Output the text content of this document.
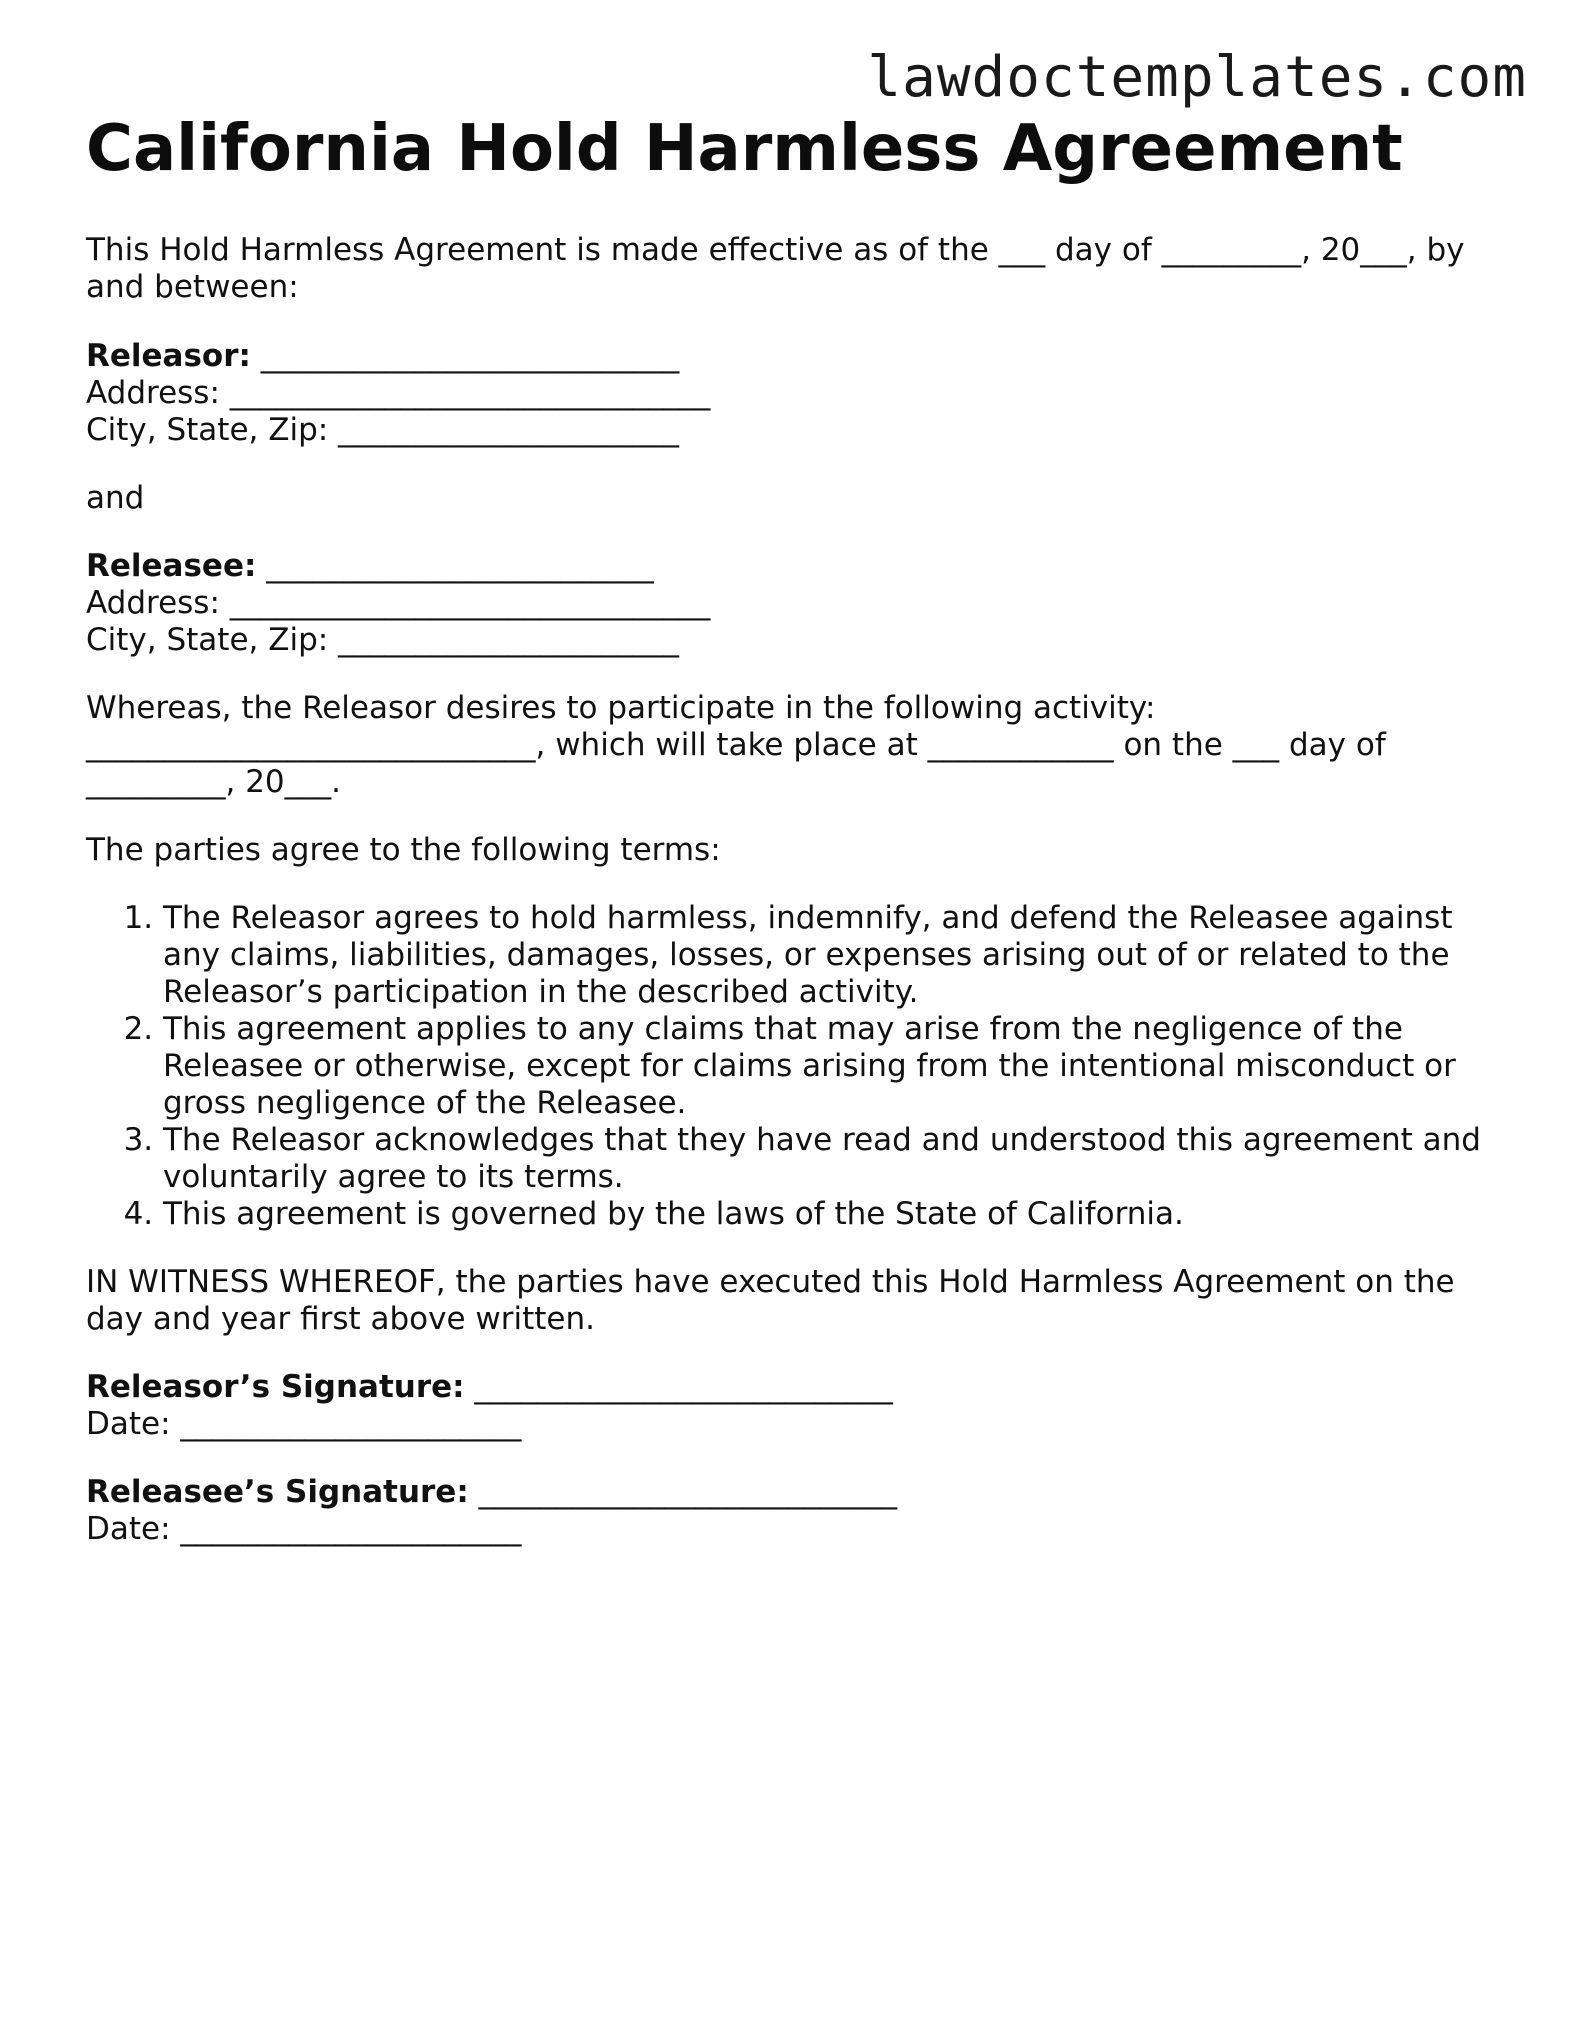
lawdoctemplates.com
California Hold Harmless Agreement

This Hold Harmless Agreement is made effective as of the ___ day of _________, 20___, by
and between:

Releasor: ___________________________
Address: _______________________________
City, State, Zip: ______________________

and

Releasee: _________________________
Address: _______________________________
City, State, Zip: ______________________

Whereas, the Releasor desires to participate in the following activity:
_____________________________, which will take place at ____________ on the ___ day of
_________, 20___.

The parties agree to the following terms:

1. The Releasor agrees to hold harmless, indemnify, and defend the Releasee against any claims, liabilities, damages, losses, or expenses arising out of or related to the Releasor’s participation in the described activity.
2. This agreement applies to any claims that may arise from the negligence of the Releasee or otherwise, except for claims arising from the intentional misconduct or gross negligence of the Releasee.
3. The Releasor acknowledges that they have read and understood this agreement and voluntarily agree to its terms.
4. This agreement is governed by the laws of the State of California.

IN WITNESS WHEREOF, the parties have executed this Hold Harmless Agreement on the
day and year first above written.

Releasor’s Signature: ___________________________
Date: ______________________

Releasee’s Signature: ___________________________
Date: ______________________
